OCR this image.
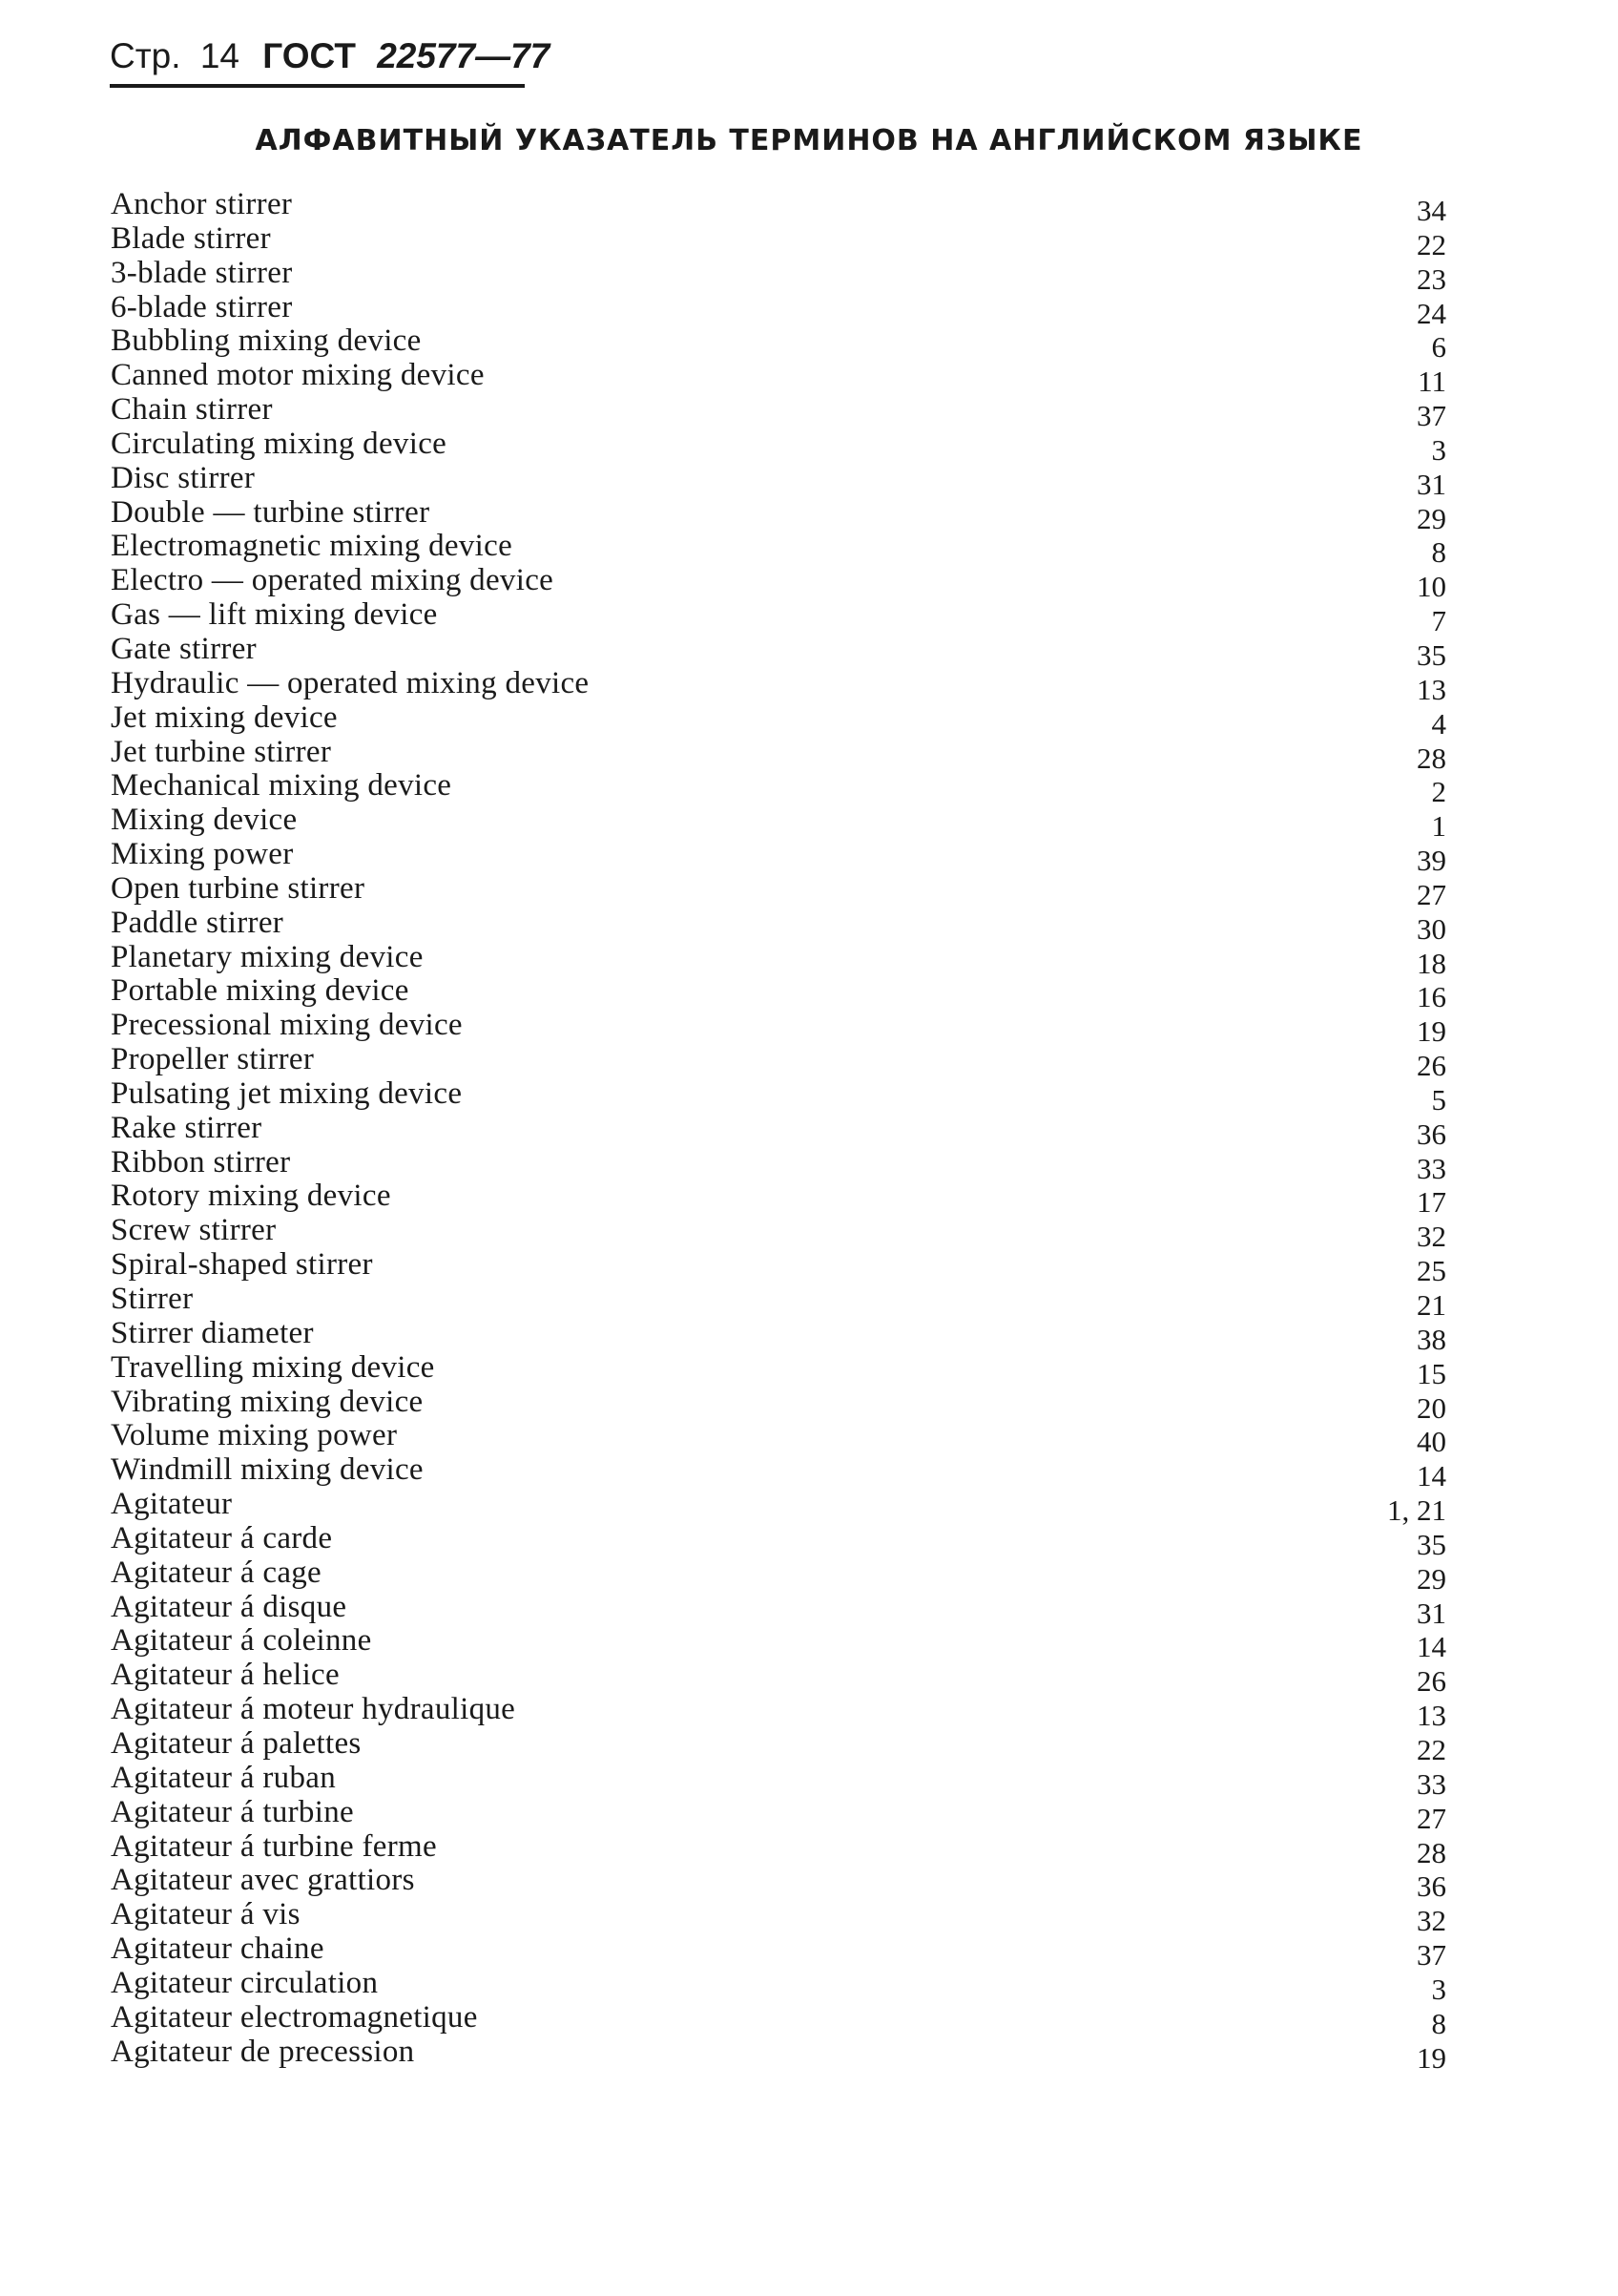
Стр. 14 ГОСТ 22577—77
АЛФАВИТНЫЙ УКАЗАТЕЛЬ ТЕРМИНОВ НА АНГЛИЙСКОМ ЯЗЫКЕ
Anchor stirrer	34
Blade stirrer	22
3-blade stirrer	23
6-blade stirrer	24
Bubbling mixing device	6
Canned motor mixing device	11
Chain stirrer	37
Circulating mixing device	3
Disc stirrer	31
Double — turbine stirrer	29
Electromagnetic mixing device	8
Electro — operated mixing device	10
Gas — lift mixing device	7
Gate stirrer	35
Hydraulic — operated mixing device	13
Jet mixing device	4
Jet turbine stirrer	28
Mechanical mixing device	2
Mixing device	1
Mixing power	39
Open turbine stirrer	27
Paddle stirrer	30
Planetary mixing device	18
Portable mixing device	16
Precessional mixing device	19
Propeller stirrer	26
Pulsating jet mixing device	5
Rake stirrer	36
Ribbon stirrer	33
Rotory mixing device	17
Screw stirrer	32
Spiral-shaped stirrer	25
Stirrer	21
Stirrer diameter	38
Travelling mixing device	15
Vibrating mixing device	20
Volume mixing power	40
Windmill mixing device	14
Agitateur	1, 21
Agitateur á carde	35
Agitateur á cage	29
Agitateur á disque	31
Agitateur á coleinne	14
Agitateur á helice	26
Agitateur á moteur hydraulique	13
Agitateur á palettes	22
Agitateur á ruban	33
Agitateur á turbine	27
Agitateur á turbine ferme	28
Agitateur avec grattiors	36
Agitateur á vis	32
Agitateur chaine	37
Agitateur circulation	3
Agitateur electromagnetique	8
Agitateur de precession	19
